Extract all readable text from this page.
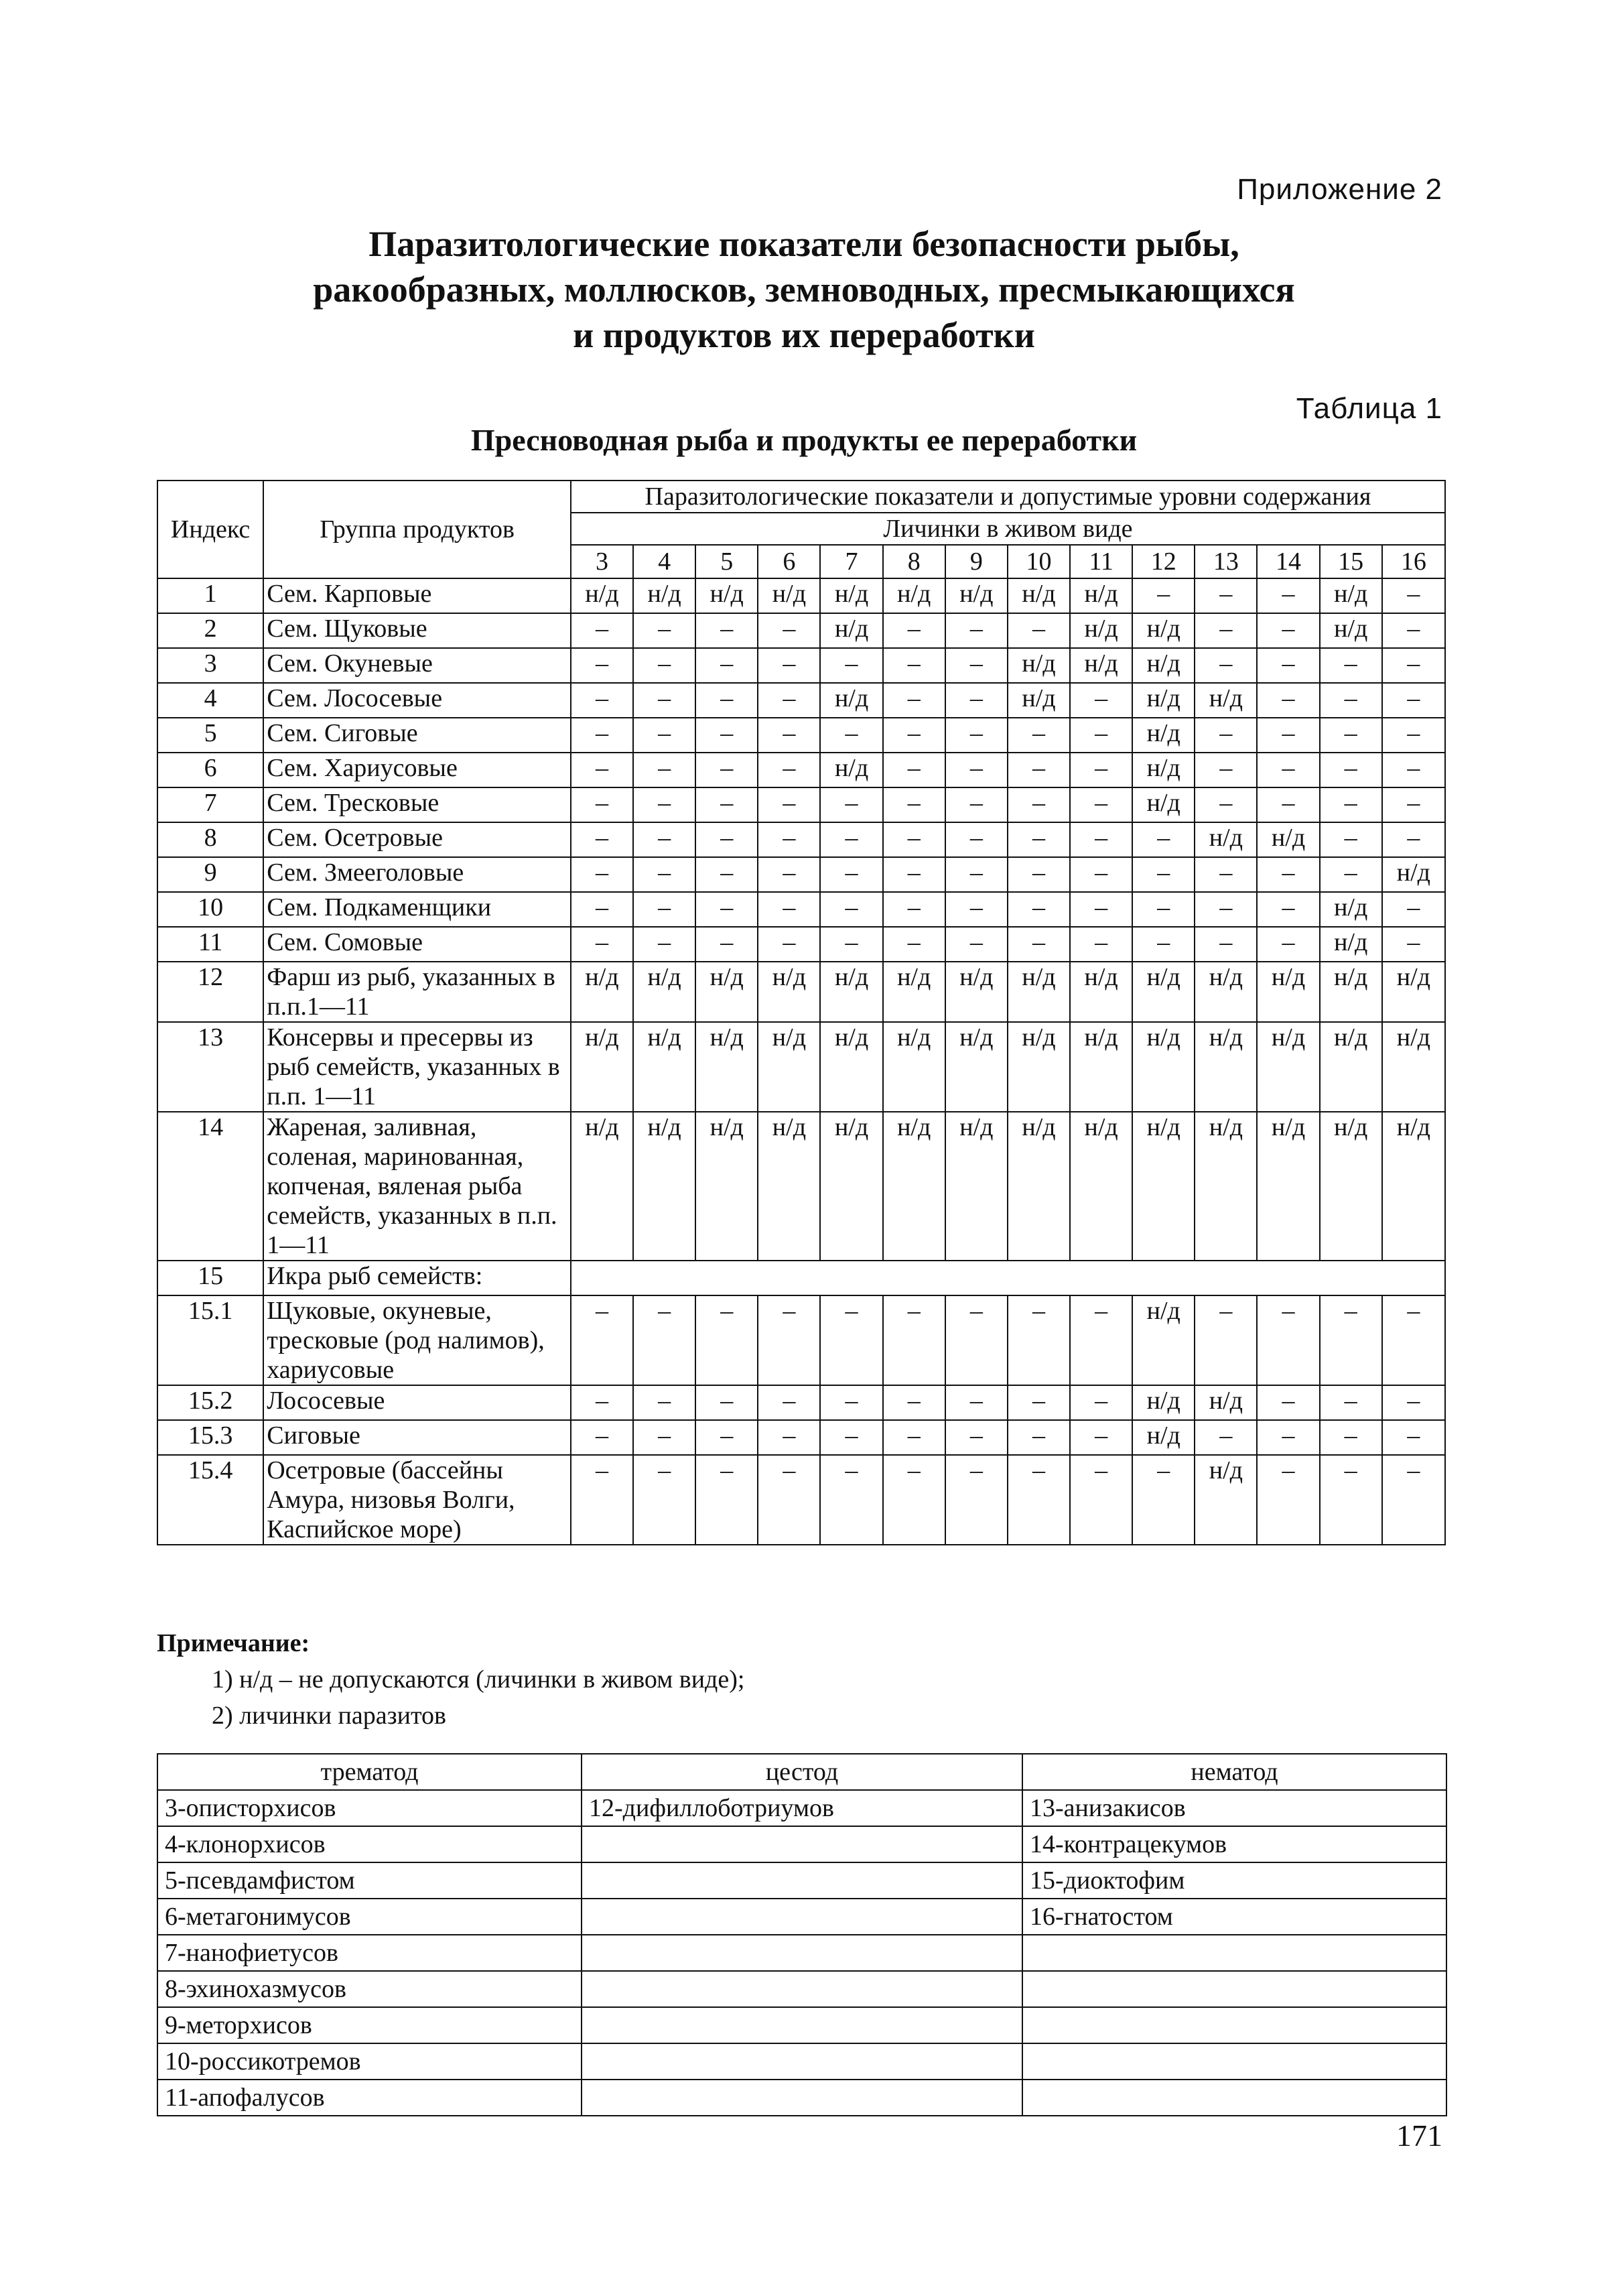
Приложение 2
Паразитологические показатели безопасности рыбы,
ракообразных, моллюсков, земноводных, пресмыкающихся
и продуктов их переработки
Таблица 1
Пресноводная рыба и продукты ее переработки
Индекс	Группа продуктов	Паразитологические показатели и допустимые уровни содержания													
		Личинки в живом виде													
		3	4	5	6	7	8	9	10	11	12	13	14	15	16
1	Сем. Карповые	н/д	н/д	н/д	н/д	н/д	н/д	н/д	н/д	н/д	–	–	–	н/д	–
2	Сем. Щуковые	–	–	–	–	н/д	–	–	–	н/д	н/д	–	–	н/д	–
3	Сем. Окуневые	–	–	–	–	–	–	–	н/д	н/д	н/д	–	–	–	–
4	Сем. Лососевые	–	–	–	–	н/д	–	–	н/д	–	н/д	н/д	–	–	–
5	Сем. Сиговые	–	–	–	–	–	–	–	–	–	н/д	–	–	–	–
6	Сем. Хариусовые	–	–	–	–	н/д	–	–	–	–	н/д	–	–	–	–
7	Сем. Тресковые	–	–	–	–	–	–	–	–	–	н/д	–	–	–	–
8	Сем. Осетровые	–	–	–	–	–	–	–	–	–	–	н/д	н/д	–	–
9	Сем. Змееголовые	–	–	–	–	–	–	–	–	–	–	–	–	–	н/д
10	Сем. Подкаменщики	–	–	–	–	–	–	–	–	–	–	–	–	н/д	–
11	Сем. Сомовые	–	–	–	–	–	–	–	–	–	–	–	–	н/д	–
12	Фарш из рыб, указанных в п.п.1—11	н/д	н/д	н/д	н/д	н/д	н/д	н/д	н/д	н/д	н/д	н/д	н/д	н/д	н/д
13	Консервы и пресервы из рыб семейств, указанных в п.п. 1—11	н/д	н/д	н/д	н/д	н/д	н/д	н/д	н/д	н/д	н/д	н/д	н/д	н/д	н/д
14	Жареная, заливная, соленая, маринованная, копченая, вяленая рыба семейств, указанных в п.п. 1—11	н/д	н/д	н/д	н/д	н/д	н/д	н/д	н/д	н/д	н/д	н/д	н/д	н/д	н/д
15	Икра рыб семейств:														
15.1	Щуковые, окуневые, тресковые (род налимов), хариусовые	–	–	–	–	–	–	–	–	–	н/д	–	–	–	–
15.2	Лососевые	–	–	–	–	–	–	–	–	–	н/д	н/д	–	–	–
15.3	Сиговые	–	–	–	–	–	–	–	–	–	н/д	–	–	–	–
15.4	Осетровые (бассейны Амура, низовья Волги, Каспийское море)	–	–	–	–	–	–	–	–	–	–	н/д	–	–	–
Примечание:
1) н/д – не допускаются (личинки в живом виде);
2) личинки паразитов
трематод	цестод	нематод
3-описторхисов	12-дифиллоботриумов	13-анизакисов
4-клонорхисов		14-контрацекумов
5-псевдамфистом		15-диоктофим
6-метагонимусов		16-гнатостом
7-нанофиетусов		
8-эхинохазмусов		
9-меторхисов		
10-россикотремов		
11-апофалусов		
171
